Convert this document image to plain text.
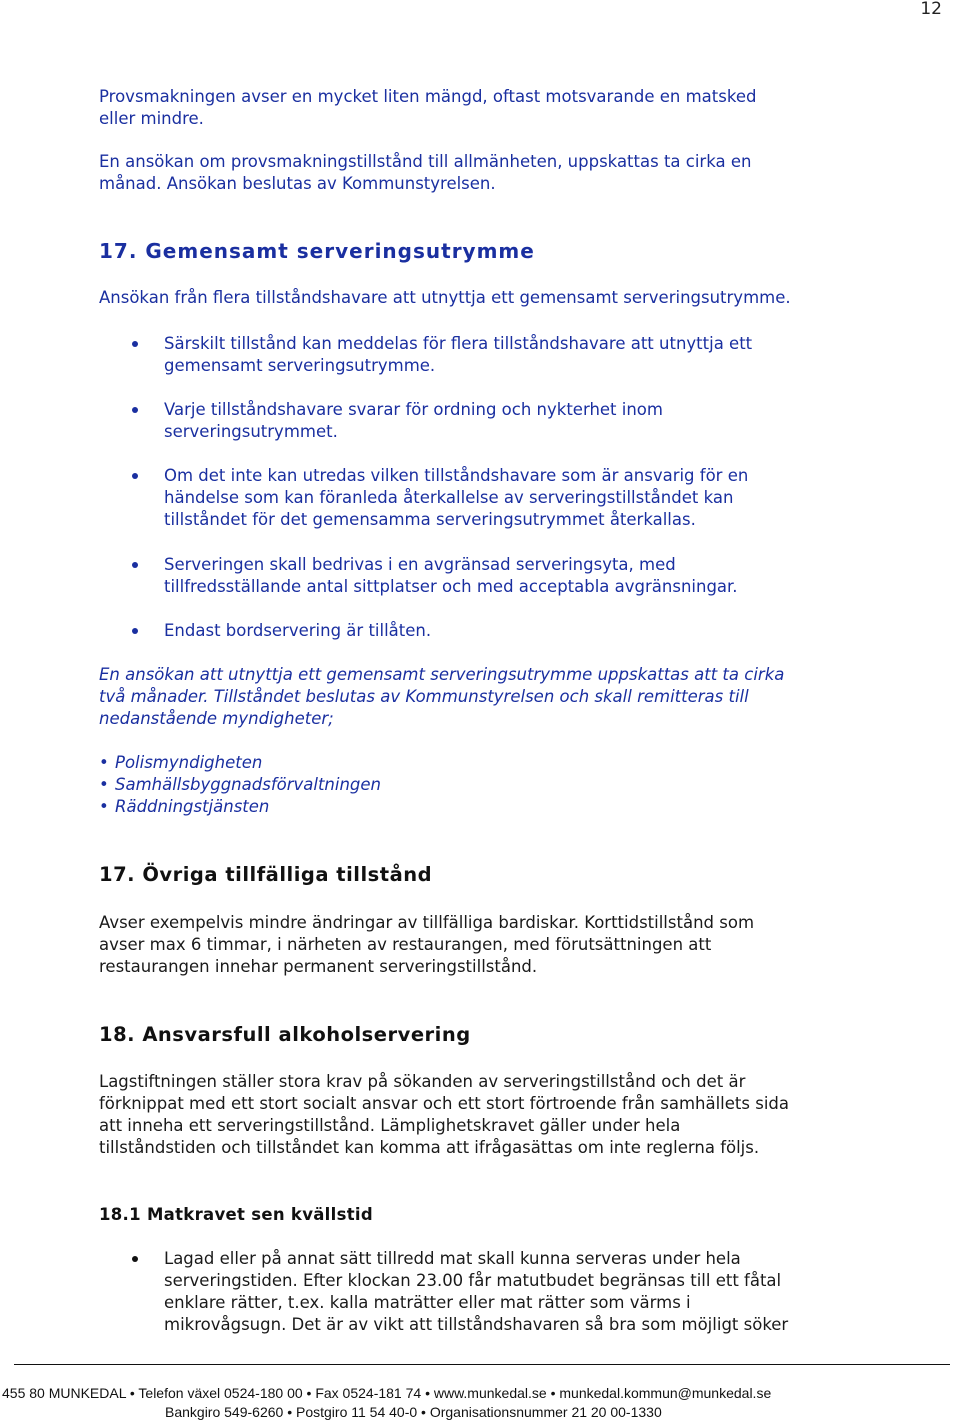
12
Provsmakningen avser en mycket liten mängd, oftast motsvarande en matsked
eller mindre.
En ansökan om provsmakningstillstånd till allmänheten, uppskattas ta cirka en
månad. Ansökan beslutas av Kommunstyrelsen.
17. Gemensamt serveringsutrymme
Ansökan från flera tillståndshavare att utnyttja ett gemensamt serveringsutrymme.
Särskilt tillstånd kan meddelas för flera tillståndshavare att utnyttja ett
gemensamt serveringsutrymme.
Varje tillståndshavare svarar för ordning och nykterhet inom
serveringsutrymmet.
Om det inte kan utredas vilken tillståndshavare som är ansvarig för en
händelse som kan föranleda återkallelse av serveringstillståndet kan
tillståndet för det gemensamma serveringsutrymmet återkallas.
Serveringen skall bedrivas i en avgränsad serveringsyta, med
tillfredsställande antal sittplatser och med acceptabla avgränsningar.
Endast bordservering är tillåten.
En ansökan att utnyttja ett gemensamt serveringsutrymme uppskattas att ta cirka
två månader. Tillståndet beslutas av Kommunstyrelsen och skall remitteras till
nedanstående myndigheter;
• Polismyndigheten
• Samhällsbyggnadsförvaltningen
• Räddningstjänsten
17. Övriga tillfälliga tillstånd
Avser exempelvis mindre ändringar av tillfälliga bardiskar. Korttidstillstånd som
avser max 6 timmar, i närheten av restaurangen, med förutsättningen att
restaurangen innehar permanent serveringstillstånd.
18. Ansvarsfull alkoholservering
Lagstiftningen ställer stora krav på sökanden av serveringstillstånd och det är
förknippat med ett stort socialt ansvar och ett stort förtroende från samhällets sida
att inneha ett serveringstillstånd. Lämplighetskravet gäller under hela
tillståndstiden och tillståndet kan komma att ifrågasättas om inte reglerna följs.
18.1 Matkravet sen kvällstid
Lagad eller på annat sätt tillredd mat skall kunna serveras under hela
serveringstiden. Efter klockan 23.00 får matutbudet begränsas till ett fåtal
enklare rätter, t.ex. kalla maträtter eller mat rätter som värms i
mikrovågsugn. Det är av vikt att tillståndshavaren så bra som möjligt söker
455 80 MUNKEDAL • Telefon växel 0524-180 00 • Fax 0524-181 74 • www.munkedal.se • munkedal.kommun@munkedal.se
Bankgiro 549-6260 • Postgiro 11 54 40-0 • Organisationsnummer 21 20 00-1330
